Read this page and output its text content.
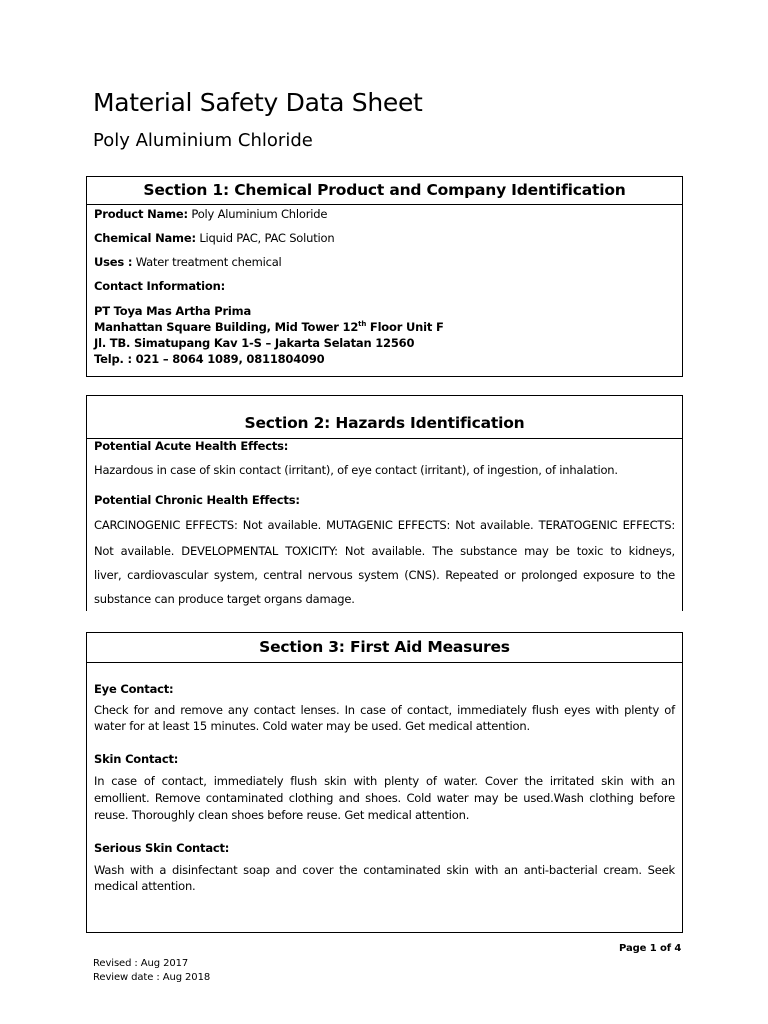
Material Safety Data Sheet
Poly Aluminium Chloride
Section 1: Chemical Product and Company Identification
Product Name: Poly Aluminium Chloride
Chemical Name: Liquid PAC, PAC Solution
Uses : Water treatment chemical
Contact Information:
PT Toya Mas Artha Prima
Manhattan Square Building, Mid Tower 12th Floor Unit F
Jl. TB. Simatupang Kav 1-S – Jakarta Selatan 12560
Telp. : 021 – 8064 1089, 0811804090
Section 2: Hazards Identification
Potential Acute Health Effects:
Hazardous in case of skin contact (irritant), of eye contact (irritant), of ingestion, of inhalation.
Potential Chronic Health Effects:
CARCINOGENIC EFFECTS: Not available. MUTAGENIC EFFECTS: Not available. TERATOGENIC EFFECTS:
Not available. DEVELOPMENTAL TOXICITY: Not available. The substance may be toxic to kidneys,
liver, cardiovascular system, central nervous system (CNS). Repeated or prolonged exposure to the
substance can produce target organs damage.
Section 3: First Aid Measures
Eye Contact:
Check for and remove any contact lenses. In case of contact, immediately flush eyes with plenty of
water for at least 15 minutes. Cold water may be used. Get medical attention.
Skin Contact:
In case of contact, immediately flush skin with plenty of water. Cover the irritated skin with an
emollient. Remove contaminated clothing and shoes. Cold water may be used.Wash clothing before
reuse. Thoroughly clean shoes before reuse. Get medical attention.
Serious Skin Contact:
Wash with a disinfectant soap and cover the contaminated skin with an anti-bacterial cream. Seek
medical attention.
Page 1 of 4
Revised : Aug 2017
Review date : Aug 2018
